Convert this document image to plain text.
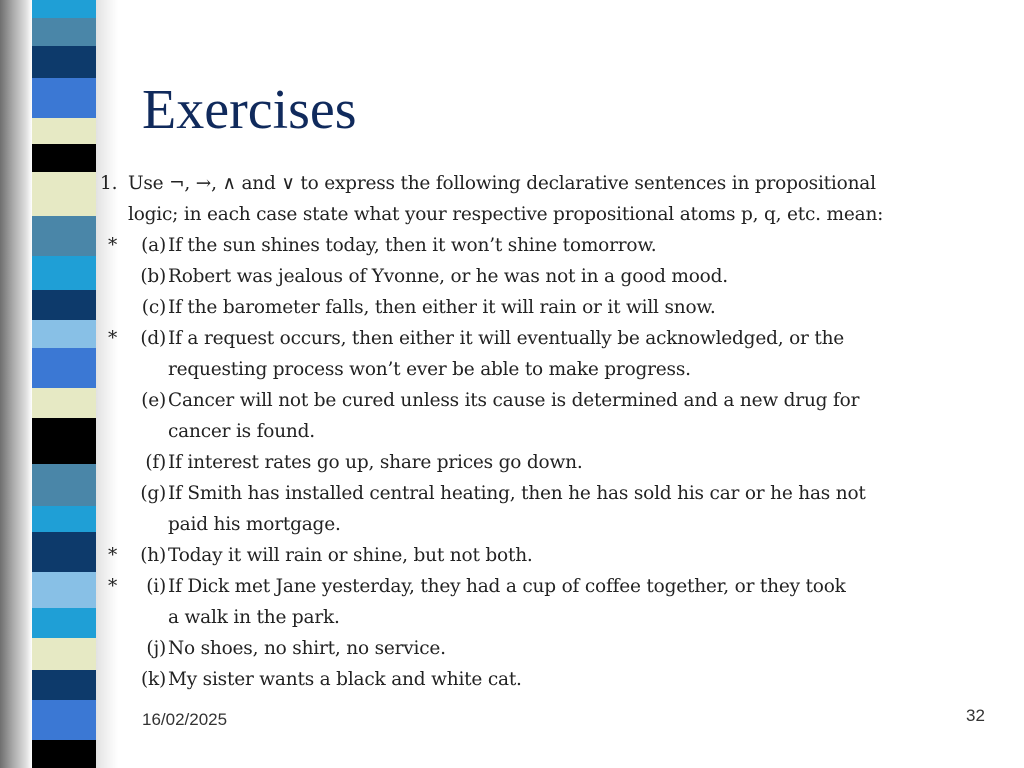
Exercises
1. Use ¬, →, ∧ and ∨ to express the following declarative sentences in propositional
logic; in each case state what your respective propositional atoms p, q, etc. mean:
*	(a) If the sun shines today, then it won’t shine tomorrow.
(b) Robert was jealous of Yvonne, or he was not in a good mood.
(c) If the barometer falls, then either it will rain or it will snow.
*	(d) If a request occurs, then either it will eventually be acknowledged, or the
requesting process won’t ever be able to make progress.
(e) Cancer will not be cured unless its cause is determined and a new drug for
cancer is found.
(f) If interest rates go up, share prices go down.
(g) If Smith has installed central heating, then he has sold his car or he has not
paid his mortgage.
*	(h) Today it will rain or shine, but not both.
*	(i) If Dick met Jane yesterday, they had a cup of coffee together, or they took
a walk in the park.
(j) No shoes, no shirt, no service.
(k) My sister wants a black and white cat.
16/02/2025	32
